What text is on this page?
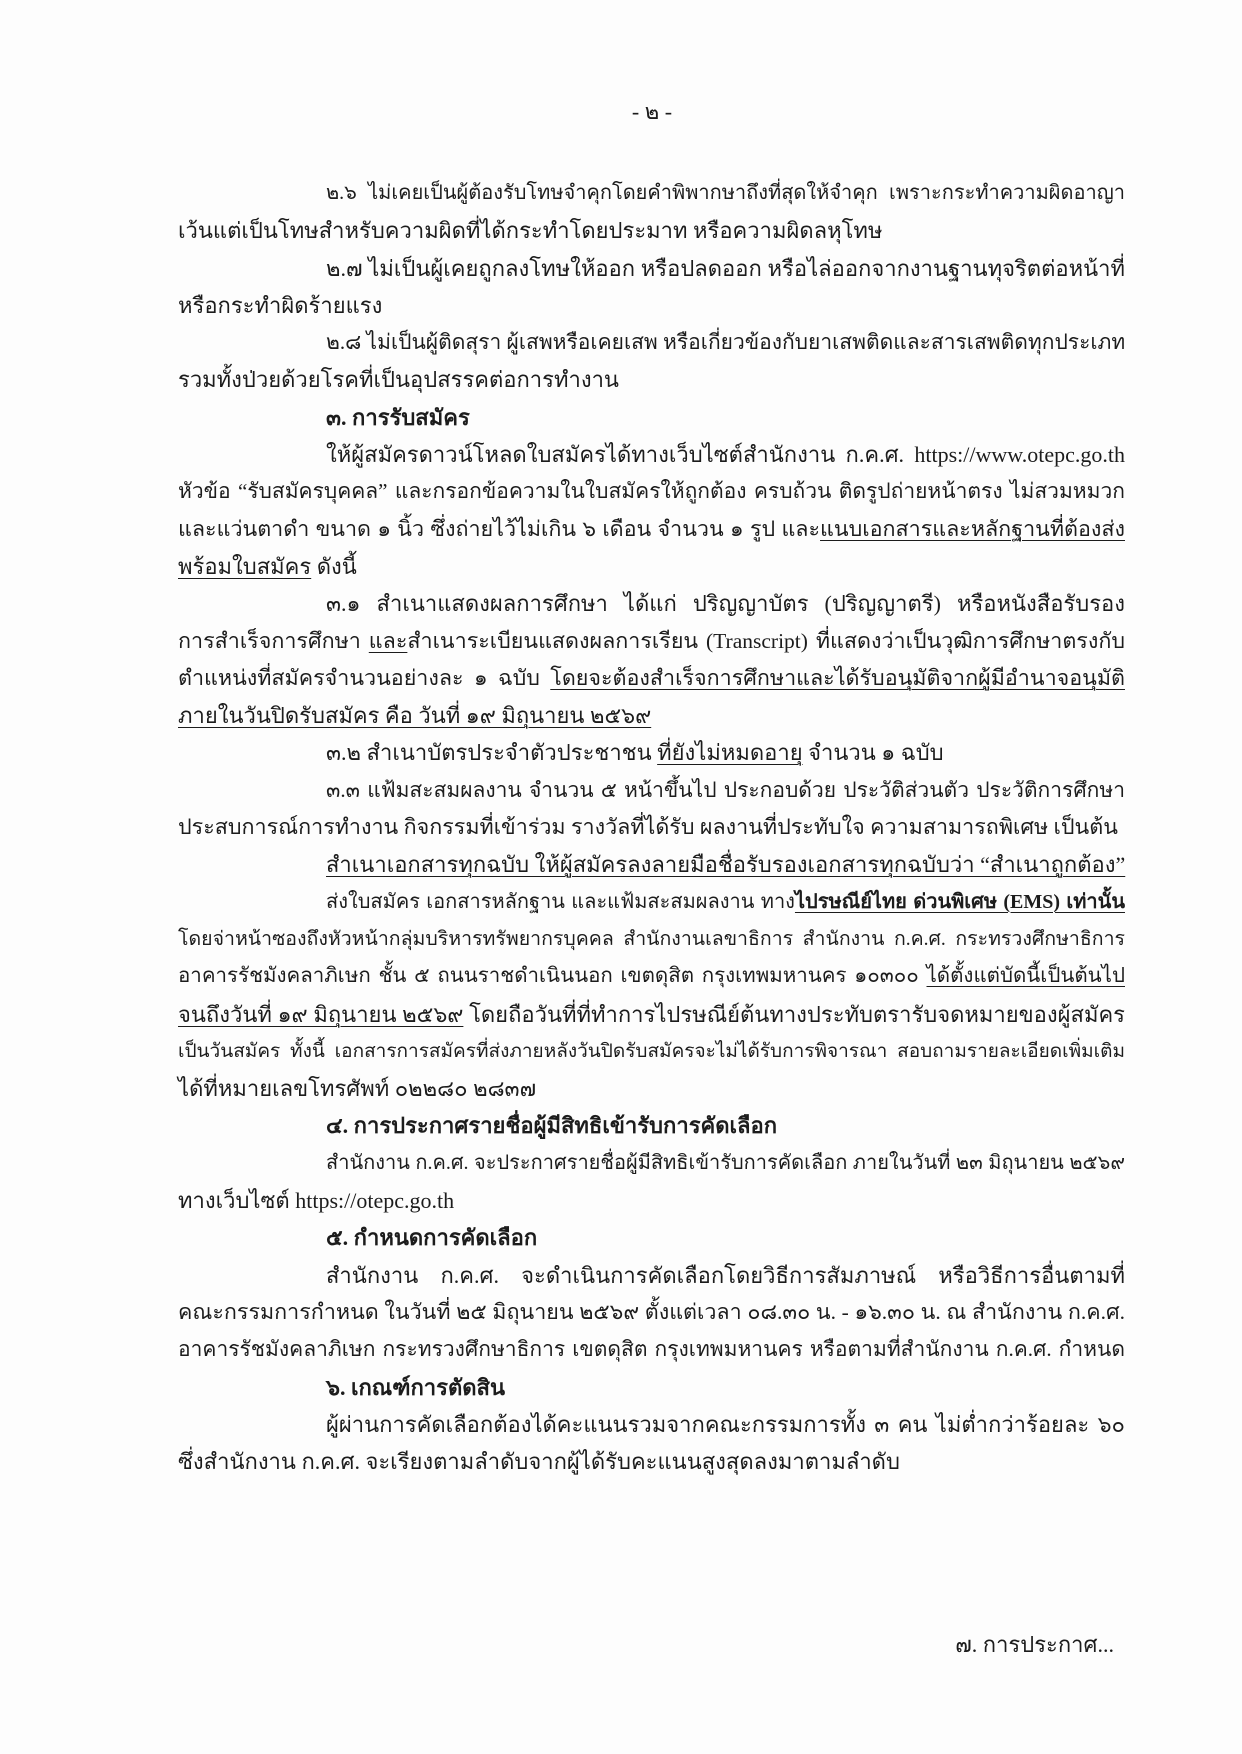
- ๒ -
๒.๖ ไม่เคยเป็นผู้ต้องรับโทษจำคุกโดยคำพิพากษาถึงที่สุดให้จำคุก เพราะกระทำความผิดอาญา
เว้นแต่เป็นโทษสำหรับความผิดที่ได้กระทำโดยประมาท หรือความผิดลหุโทษ
๒.๗ ไม่เป็นผู้เคยถูกลงโทษให้ออก หรือปลดออก หรือไล่ออกจากงานฐานทุจริตต่อหน้าที่
หรือกระทำผิดร้ายแรง
๒.๘ ไม่เป็นผู้ติดสุรา ผู้เสพหรือเคยเสพ หรือเกี่ยวข้องกับยาเสพติดและสารเสพติดทุกประเภท
รวมทั้งป่วยด้วยโรคที่เป็นอุปสรรคต่อการทำงาน
๓. การรับสมัคร
ให้ผู้สมัครดาวน์โหลดใบสมัครได้ทางเว็บไซต์สำนักงาน ก.ค.ศ. https://www.otepc.go.th
หัวข้อ “รับสมัครบุคคล” และกรอกข้อความในใบสมัครให้ถูกต้อง ครบถ้วน ติดรูปถ่ายหน้าตรง ไม่สวมหมวก
และแว่นตาดำ ขนาด ๑ นิ้ว ซึ่งถ่ายไว้ไม่เกิน ๖ เดือน จำนวน ๑ รูป และแนบเอกสารและหลักฐานที่ต้องส่ง
พร้อมใบสมัคร ดังนี้
๓.๑ สำเนาแสดงผลการศึกษา ได้แก่ ปริญญาบัตร (ปริญญาตรี) หรือหนังสือรับรอง
การสำเร็จการศึกษา และสำเนาระเบียนแสดงผลการเรียน (Transcript) ที่แสดงว่าเป็นวุฒิการศึกษาตรงกับ
ตำแหน่งที่สมัครจำนวนอย่างละ ๑ ฉบับ โดยจะต้องสำเร็จการศึกษาและได้รับอนุมัติจากผู้มีอำนาจอนุมัติ
ภายในวันปิดรับสมัคร คือ วันที่ ๑๙ มิถุนายน ๒๕๖๙
๓.๒ สำเนาบัตรประจำตัวประชาชน ที่ยังไม่หมดอายุ จำนวน ๑ ฉบับ
๓.๓ แฟ้มสะสมผลงาน จำนวน ๕ หน้าขึ้นไป ประกอบด้วย ประวัติส่วนตัว ประวัติการศึกษา
ประสบการณ์การทำงาน กิจกรรมที่เข้าร่วม รางวัลที่ได้รับ ผลงานที่ประทับใจ ความสามารถพิเศษ เป็นต้น
สำเนาเอกสารทุกฉบับ ให้ผู้สมัครลงลายมือชื่อรับรองเอกสารทุกฉบับว่า “สำเนาถูกต้อง”
ส่งใบสมัคร เอกสารหลักฐาน และแฟ้มสะสมผลงาน ทางไปรษณีย์ไทย ด่วนพิเศษ (EMS) เท่านั้น
โดยจ่าหน้าซองถึงหัวหน้ากลุ่มบริหารทรัพยากรบุคคล สำนักงานเลขาธิการ สำนักงาน ก.ค.ศ. กระทรวงศึกษาธิการ
อาคารรัชมังคลาภิเษก ชั้น ๕ ถนนราชดำเนินนอก เขตดุสิต กรุงเทพมหานคร ๑๐๓๐๐ ได้ตั้งแต่บัดนี้เป็นต้นไป
จนถึงวันที่ ๑๙ มิถุนายน ๒๕๖๙ โดยถือวันที่ที่ทำการไปรษณีย์ต้นทางประทับตรารับจดหมายของผู้สมัคร
เป็นวันสมัคร ทั้งนี้ เอกสารการสมัครที่ส่งภายหลังวันปิดรับสมัครจะไม่ได้รับการพิจารณา สอบถามรายละเอียดเพิ่มเติม
ได้ที่หมายเลขโทรศัพท์ ๐๒๒๘๐ ๒๘๓๗
๔. การประกาศรายชื่อผู้มีสิทธิเข้ารับการคัดเลือก
สำนักงาน ก.ค.ศ. จะประกาศรายชื่อผู้มีสิทธิเข้ารับการคัดเลือก ภายในวันที่ ๒๓ มิถุนายน ๒๕๖๙
ทางเว็บไซต์ https://otepc.go.th
๕. กำหนดการคัดเลือก
สำนักงาน ก.ค.ศ. จะดำเนินการคัดเลือกโดยวิธีการสัมภาษณ์ หรือวิธีการอื่นตามที่
คณะกรรมการกำหนด ในวันที่ ๒๕ มิถุนายน ๒๕๖๙ ตั้งแต่เวลา ๐๘.๓๐ น. - ๑๖.๓๐ น. ณ สำนักงาน ก.ค.ศ.
อาคารรัชมังคลาภิเษก กระทรวงศึกษาธิการ เขตดุสิต กรุงเทพมหานคร หรือตามที่สำนักงาน ก.ค.ศ. กำหนด
๖. เกณฑ์การตัดสิน
ผู้ผ่านการคัดเลือกต้องได้คะแนนรวมจากคณะกรรมการทั้ง ๓ คน ไม่ต่ำกว่าร้อยละ ๖๐
ซึ่งสำนักงาน ก.ค.ศ. จะเรียงตามลำดับจากผู้ได้รับคะแนนสูงสุดลงมาตามลำดับ
๗. การประกาศ...
